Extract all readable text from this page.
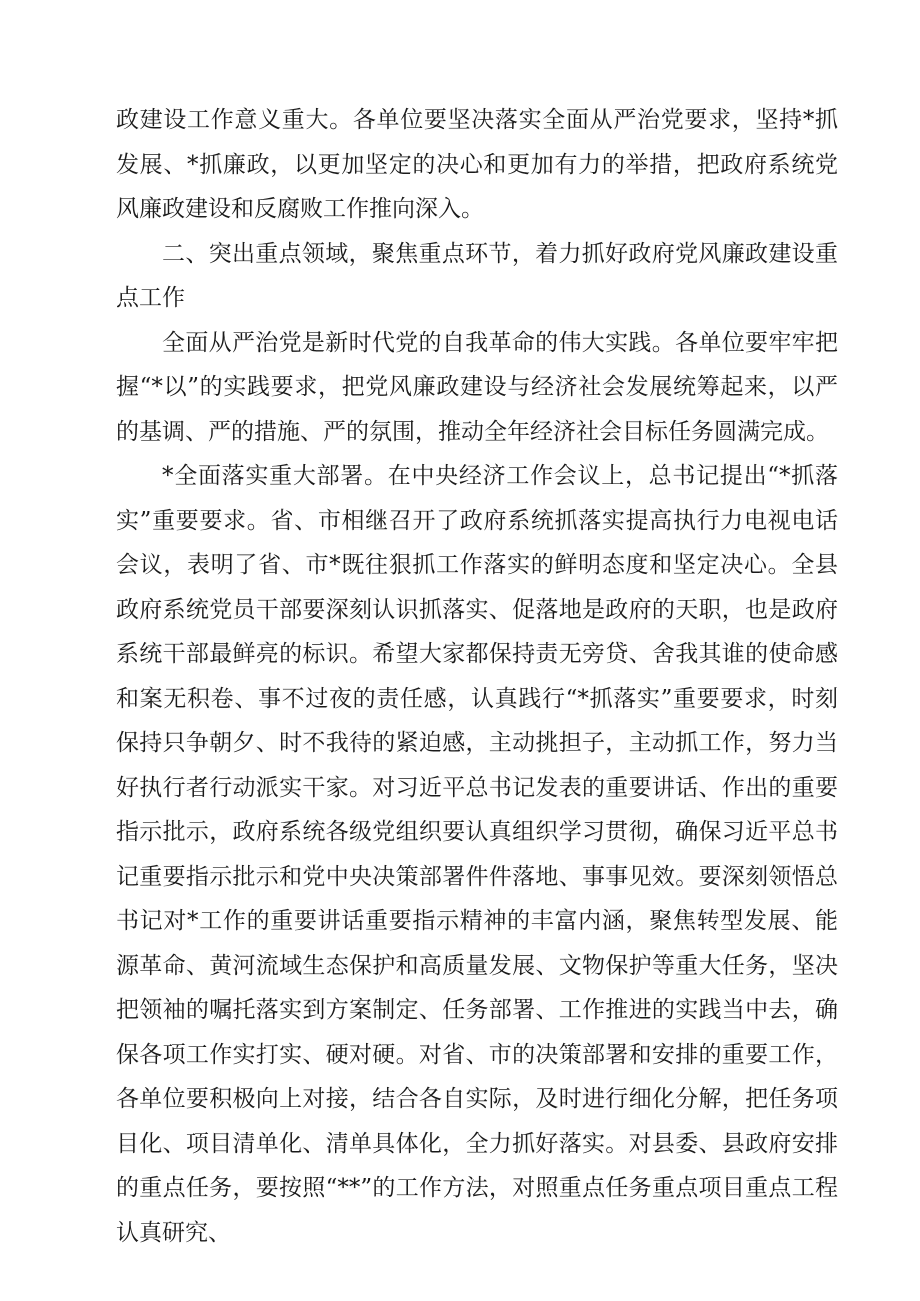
政建设工作意义重大。各单位要坚决落实全面从严治党要求，坚持*抓发展、*抓廉政，以更加坚定的决心和更加有力的举措，把政府系统党风廉政建设和反腐败工作推向深入。

二、突出重点领域，聚焦重点环节，着力抓好政府党风廉政建设重点工作

全面从严治党是新时代党的自我革命的伟大实践。各单位要牢牢把握“*以”的实践要求，把党风廉政建设与经济社会发展统筹起来，以严的基调、严的措施、严的氛围，推动全年经济社会目标任务圆满完成。

*全面落实重大部署。在中央经济工作会议上，总书记提出“*抓落实”重要要求。省、市相继召开了政府系统抓落实提高执行力电视电话会议，表明了省、市*既往狠抓工作落实的鲜明态度和坚定决心。全县政府系统党员干部要深刻认识抓落实、促落地是政府的天职，也是政府系统干部最鲜亮的标识。希望大家都保持责无旁贷、舍我其谁的使命感和案无积卷、事不过夜的责任感，认真践行“*抓落实”重要要求，时刻保持只争朝夕、时不我待的紧迫感，主动挑担子，主动抓工作，努力当好执行者行动派实干家。对习近平总书记发表的重要讲话、作出的重要指示批示，政府系统各级党组织要认真组织学习贯彻，确保习近平总书记重要指示批示和党中央决策部署件件落地、事事见效。要深刻领悟总书记对*工作的重要讲话重要指示精神的丰富内涵，聚焦转型发展、能源革命、黄河流域生态保护和高质量发展、文物保护等重大任务，坚决把领袖的嘱托落实到方案制定、任务部署、工作推进的实践当中去，确保各项工作实打实、硬对硬。对省、市的决策部署和安排的重要工作，各单位要积极向上对接，结合各自实际，及时进行细化分解，把任务项目化、项目清单化、清单具体化，全力抓好落实。对县委、县政府安排的重点任务，要按照“**”的工作方法，对照重点任务重点项目重点工程认真研究、
